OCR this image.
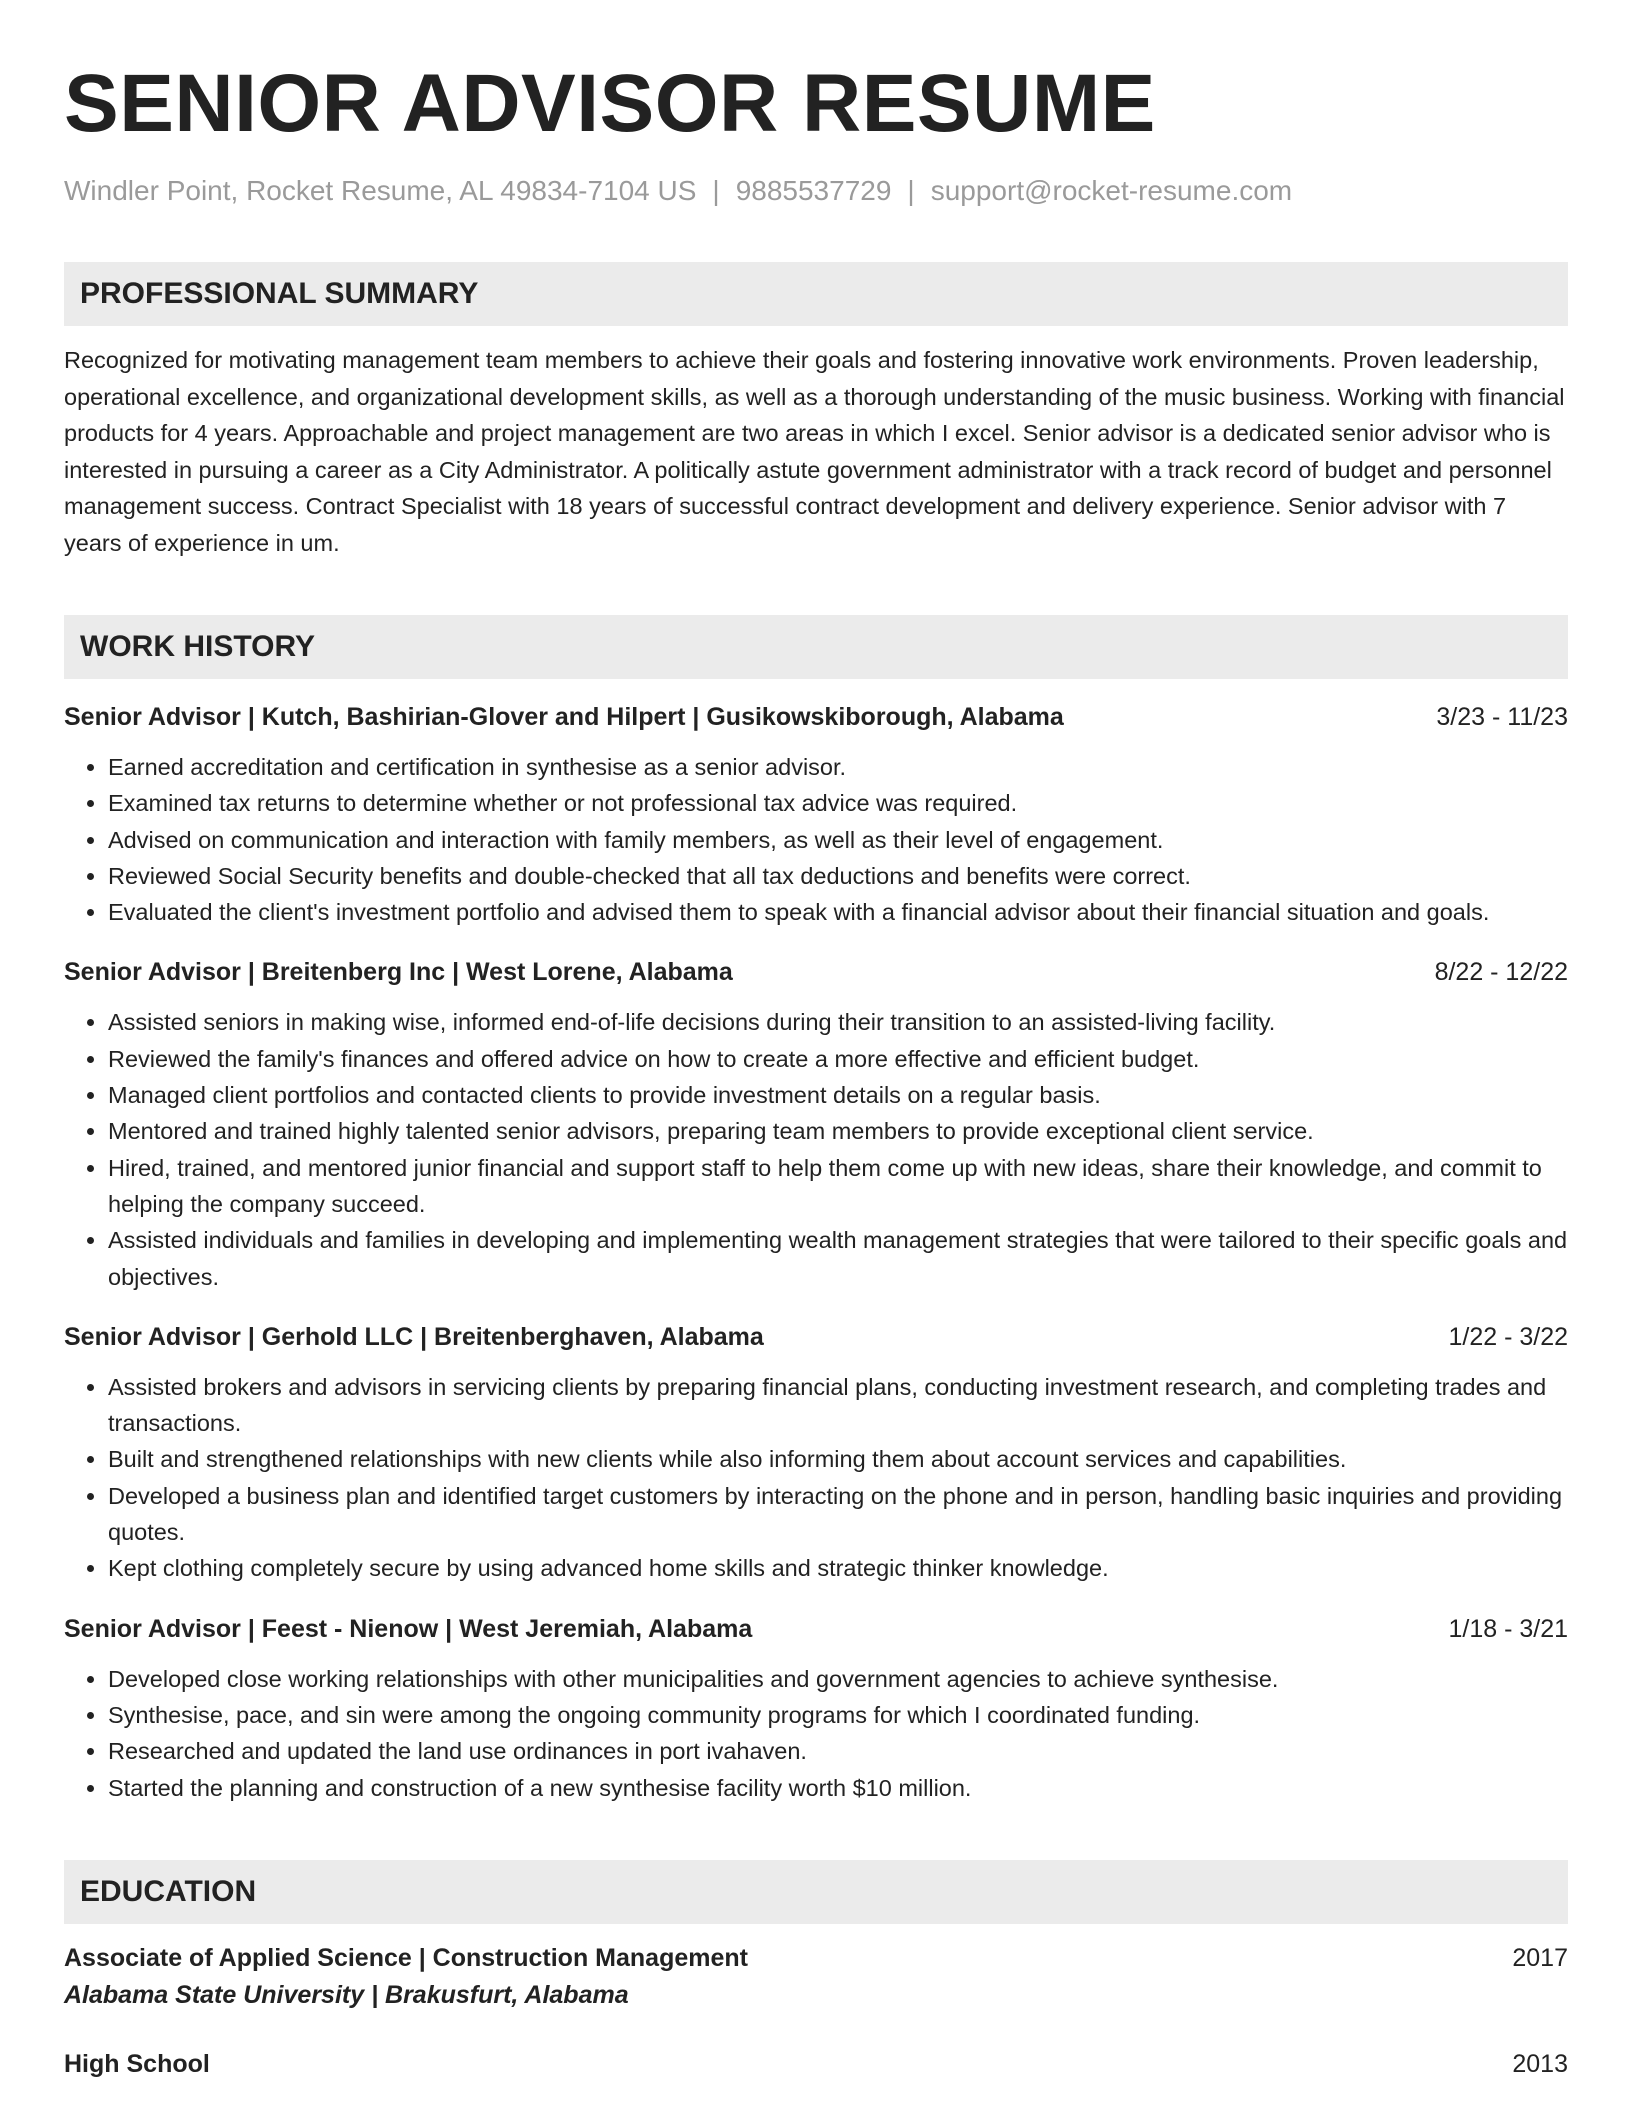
SENIOR ADVISOR RESUME
Windler Point, Rocket Resume, AL 49834-7104 US | 9885537729 | support@rocket-resume.com
PROFESSIONAL SUMMARY
Recognized for motivating management team members to achieve their goals and fostering innovative work environments. Proven leadership, operational excellence, and organizational development skills, as well as a thorough understanding of the music business. Working with financial products for 4 years. Approachable and project management are two areas in which I excel. Senior advisor is a dedicated senior advisor who is interested in pursuing a career as a City Administrator. A politically astute government administrator with a track record of budget and personnel management success. Contract Specialist with 18 years of successful contract development and delivery experience. Senior advisor with 7 years of experience in um.
WORK HISTORY
Senior Advisor | Kutch, Bashirian-Glover and Hilpert | Gusikowskiborough, Alabama	3/23 - 11/23
• Earned accreditation and certification in synthesise as a senior advisor.
• Examined tax returns to determine whether or not professional tax advice was required.
• Advised on communication and interaction with family members, as well as their level of engagement.
• Reviewed Social Security benefits and double-checked that all tax deductions and benefits were correct.
• Evaluated the client's investment portfolio and advised them to speak with a financial advisor about their financial situation and goals.
Senior Advisor | Breitenberg Inc | West Lorene, Alabama	8/22 - 12/22
• Assisted seniors in making wise, informed end-of-life decisions during their transition to an assisted-living facility.
• Reviewed the family's finances and offered advice on how to create a more effective and efficient budget.
• Managed client portfolios and contacted clients to provide investment details on a regular basis.
• Mentored and trained highly talented senior advisors, preparing team members to provide exceptional client service.
• Hired, trained, and mentored junior financial and support staff to help them come up with new ideas, share their knowledge, and commit to helping the company succeed.
• Assisted individuals and families in developing and implementing wealth management strategies that were tailored to their specific goals and objectives.
Senior Advisor | Gerhold LLC | Breitenberghaven, Alabama	1/22 - 3/22
• Assisted brokers and advisors in servicing clients by preparing financial plans, conducting investment research, and completing trades and transactions.
• Built and strengthened relationships with new clients while also informing them about account services and capabilities.
• Developed a business plan and identified target customers by interacting on the phone and in person, handling basic inquiries and providing quotes.
• Kept clothing completely secure by using advanced home skills and strategic thinker knowledge.
Senior Advisor | Feest - Nienow | West Jeremiah, Alabama	1/18 - 3/21
• Developed close working relationships with other municipalities and government agencies to achieve synthesise.
• Synthesise, pace, and sin were among the ongoing community programs for which I coordinated funding.
• Researched and updated the land use ordinances in port ivahaven.
• Started the planning and construction of a new synthesise facility worth $10 million.
EDUCATION
Associate of Applied Science | Construction Management	2017
Alabama State University | Brakusfurt, Alabama
High School	2013
